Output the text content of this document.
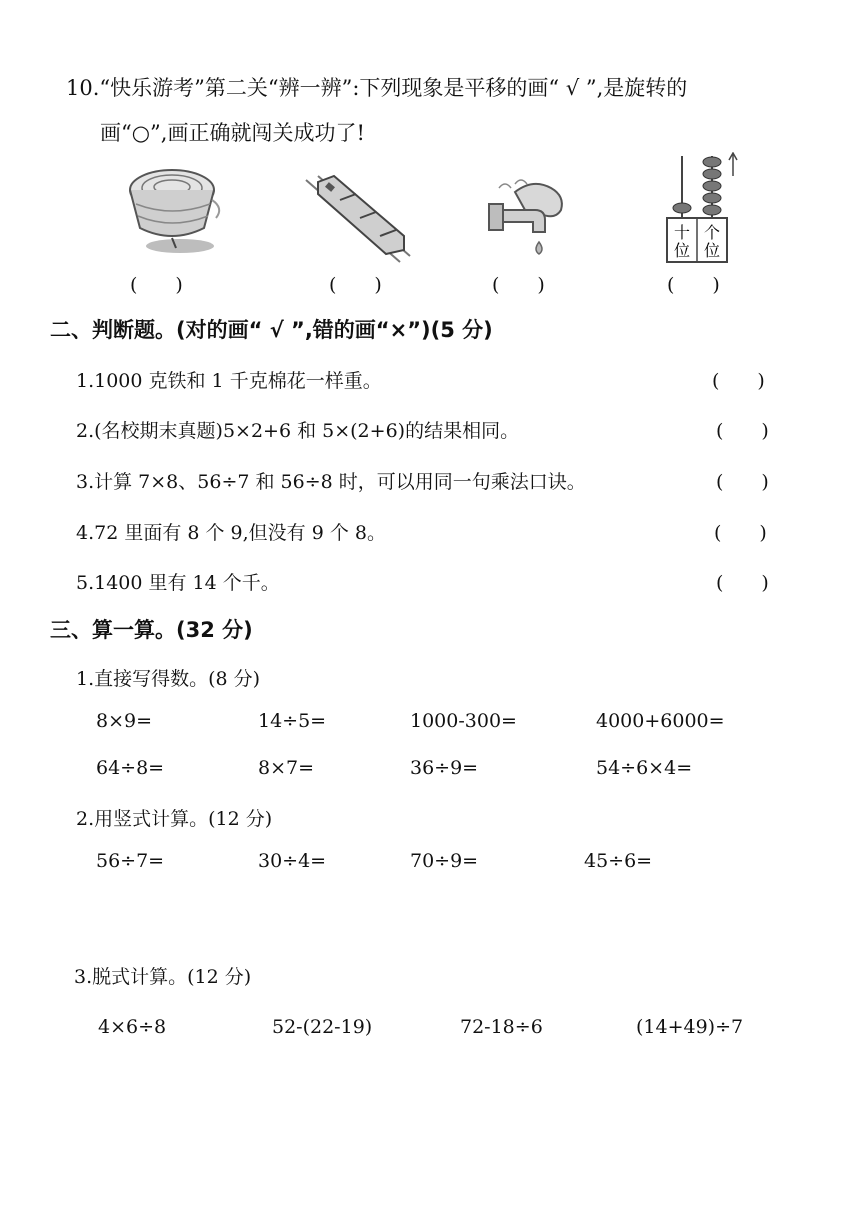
10.“快乐游考”第二关“辨一辨”:下列现象是平移的画“ √ ”,是旋转的
画“○”,画正确就闯关成功了!
十
位
个
位
(　　)	(　　)	(　　)	(　　)
二、判断题。(对的画“ √ ”,错的画“×”)(5 分)
1.1000 克铁和 1 千克棉花一样重。	(　　)
2.(名校期末真题)5×2+6 和 5×(2+6)的结果相同。	(　　)
3.计算 7×8、56÷7 和 56÷8 时，可以用同一句乘法口诀。	(　　)
4.72 里面有 8 个 9,但没有 9 个 8。	(　　)
5.1400 里有 14 个千。	(　　)
三、算一算。(32 分)
1.直接写得数。(8 分)
8×9=	14÷5=	1000-300=	4000+6000=
64÷8=	8×7=	36÷9=	54÷6×4=
2.用竖式计算。(12 分)
56÷7=	30÷4=	70÷9=	45÷6=
3.脱式计算。(12 分)
4×6÷8	52-(22-19)	72-18÷6	(14+49)÷7
